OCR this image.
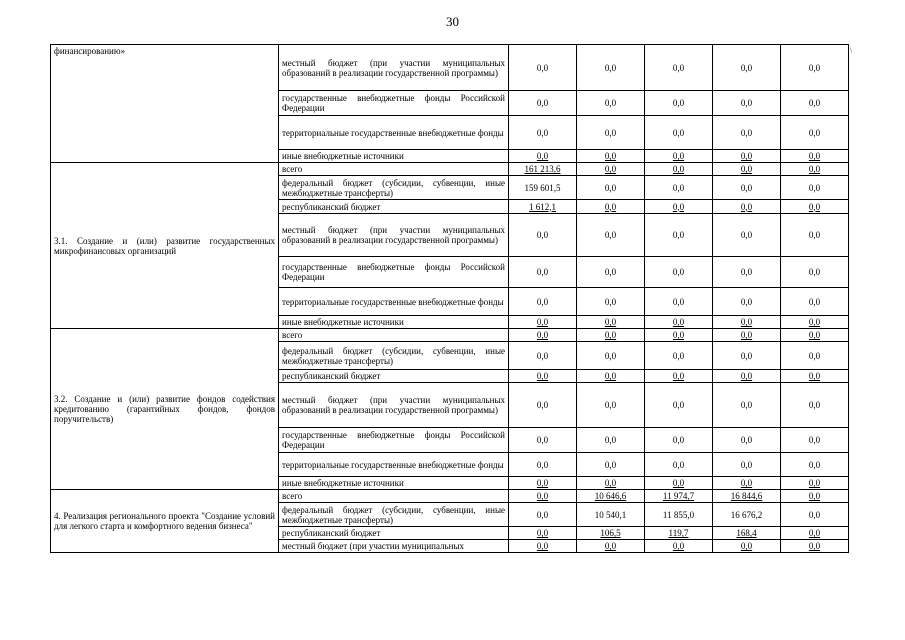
30
\
финансированию»	местный бюджет (при участии муниципальных образований в реализации государственной программы)	0,0	0,0	0,0	0,0	0,0
	государственные внебюджетные фонды Российской Федерации	0,0	0,0	0,0	0,0	0,0
	территориальные государственные внебюджетные фонды	0,0	0,0	0,0	0,0	0,0
	иные внебюджетные источники	0,0	0,0	0,0	0,0	0,0
3.1. Создание и (или) развитие государственных микрофинансовых организаций	всего	161 213,6	0,0	0,0	0,0	0,0
	федеральный бюджет (субсидии, субвенции, иные межбюджетные трансферты)	159 601,5	0,0	0,0	0,0	0,0
	республиканский бюджет	1 612,1	0,0	0,0	0,0	0,0
	местный бюджет (при участии муниципальных образований в реализации государственной программы)	0,0	0,0	0,0	0,0	0,0
	государственные внебюджетные фонды Российской Федерации	0,0	0,0	0,0	0,0	0,0
	территориальные государственные внебюджетные фонды	0,0	0,0	0,0	0,0	0,0
	иные внебюджетные источники	0,0	0,0	0,0	0,0	0,0
3.2. Создание и (или) развитие фондов содействия кредитованию (гарантийных фондов, фондов поручительств)	всего	0,0	0,0	0,0	0,0	0,0
	федеральный бюджет (субсидии, субвенции, иные межбюджетные трансферты)	0,0	0,0	0,0	0,0	0,0
	республиканский бюджет	0,0	0,0	0,0	0,0	0,0
	местный бюджет (при участии муниципальных образований в реализации государственной программы)	0,0	0,0	0,0	0,0	0,0
	государственные внебюджетные фонды Российской Федерации	0,0	0,0	0,0	0,0	0,0
	территориальные государственные внебюджетные фонды	0,0	0,0	0,0	0,0	0,0
	иные внебюджетные источники	0,0	0,0	0,0	0,0	0,0
4. Реализация регионального проекта "Создание условий для легкого старта и комфортного ведения бизнеса"	всего	0,0	10 646,6	11 974,7	16 844,6	0,0
	федеральный бюджет (субсидии, субвенции, иные межбюджетные трансферты)	0,0	10 540,1	11 855,0	16 676,2	0,0
	республиканский бюджет	0,0	106,5	119,7	168,4	0,0
	местный бюджет (при участии муниципальных	0,0	0,0	0,0	0,0	0,0
